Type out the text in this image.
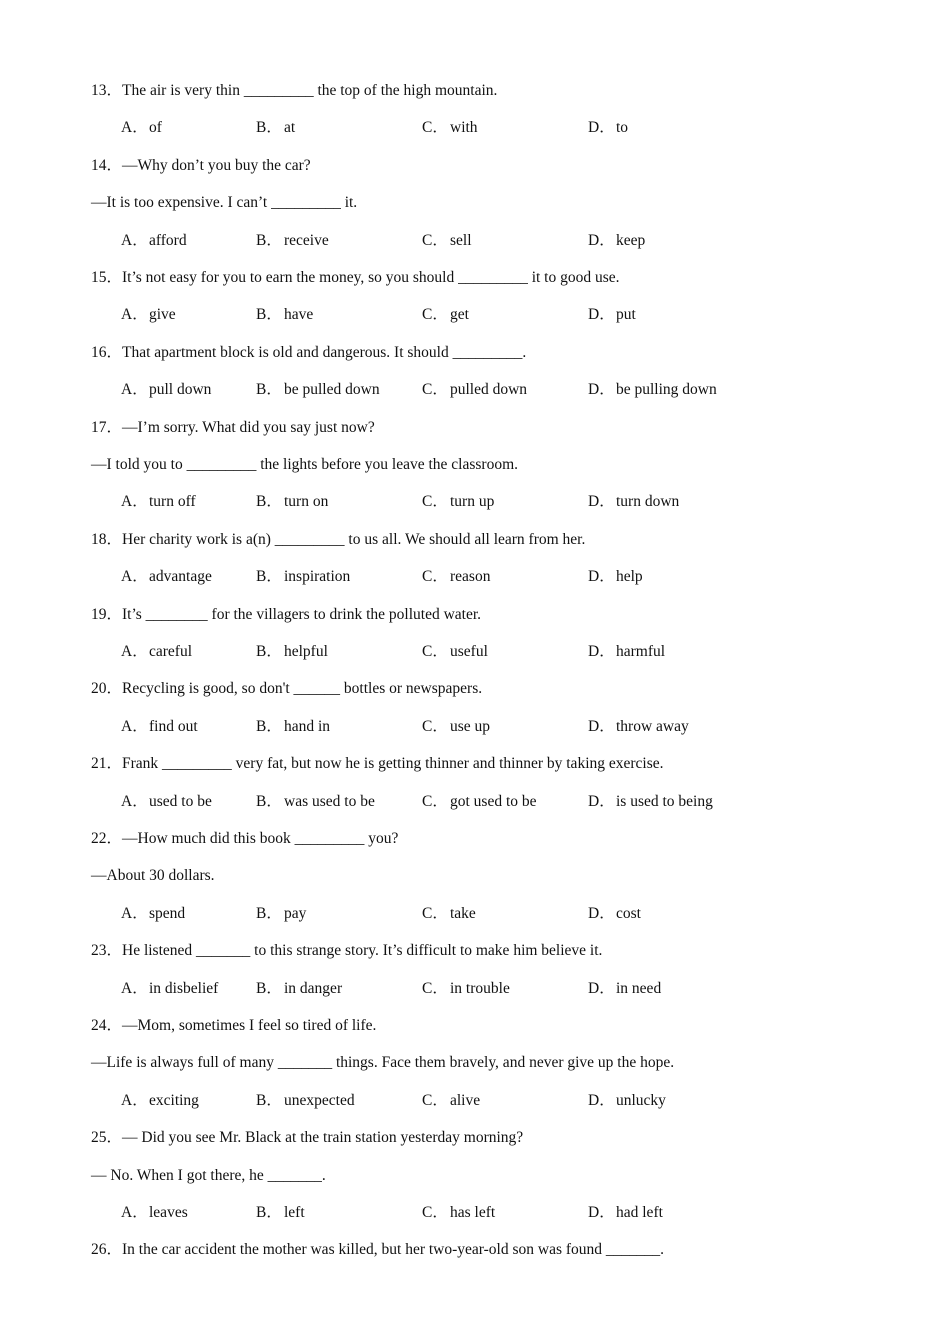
13．The air is very thin _________ the top of the high mountain.
A．of	B． at	C． with	D．to
14．—Why don’t you buy the car?
—It is too expensive. I can’t _________ it.
A．afford	B． receive	C． sell	D．keep
15．It’s not easy for you to earn the money, so you should _________ it to good use.
A．give	B． have	C． get	D．put
16．That apartment block is old and dangerous. It should _________.
A．pull down	B． be pulled down	C． pulled down	D．be pulling down
17．—I’m sorry. What did you say just now?
—I told you to _________ the lights before you leave the classroom.
A．turn off	B． turn on	C． turn up	D．turn down
18．Her charity work is a(n) _________ to us all. We should all learn from her.
A．advantage	B． inspiration	C． reason	D．help
19．It’s ________ for the villagers to drink the polluted water.
A．careful	B． helpful	C． useful	D．harmful
20．Recycling is good, so don't ______ bottles or newspapers.
A．find out	B． hand in	C． use up	D．throw away
21．Frank _________ very fat, but now he is getting thinner and thinner by taking exercise.
A．used to be	B． was used to be	C． got used to be	D．is used to being
22．—How much did this book _________ you?
—About 30 dollars.
A．spend	B． pay	C． take	D．cost
23．He listened _______ to this strange story. It’s difficult to make him believe it.
A．in disbelief B． in danger	C． in trouble	D．in need
24．—Mom, sometimes I feel so tired of life.
—Life is always full of many _______ things. Face them bravely, and never give up the hope.
A．exciting	B． unexpected	C． alive	D．unlucky
25．— Did you see Mr. Black at the train station yesterday morning?
— No. When I got there, he _______.
A．leaves	B． left	C． has left	D．had left
26．In the car accident the mother was killed, but her two-year-old son was found _______.
